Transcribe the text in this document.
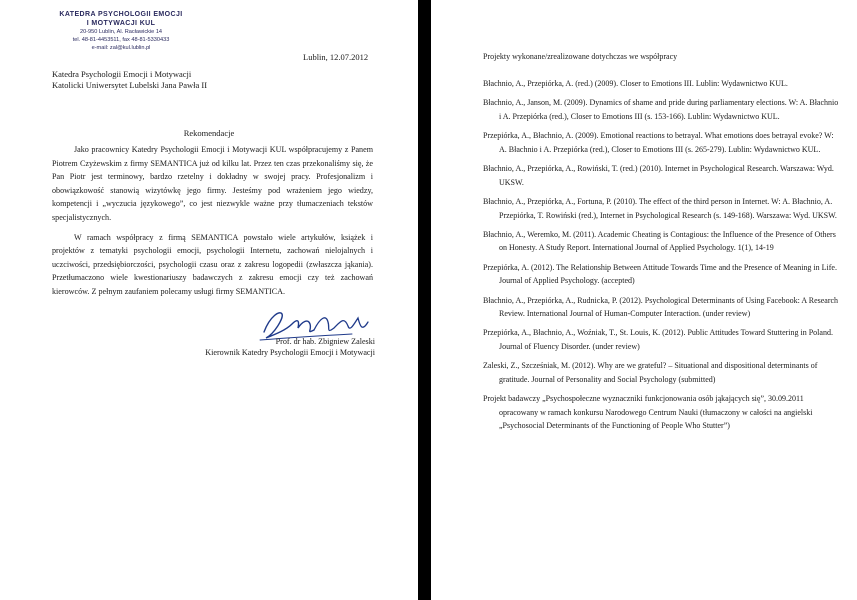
KATEDRA PSYCHOLOGII EMOCJI
I MOTYWACJI KUL
20-950 Lublin, Al. Racławickie 14
tel. 48-81-4453511, fax 48-81-5330433
e-mail: zal@kul.lublin.pl
Lublin, 12.07.2012
Katedra Psychologii Emocji i Motywacji
Katolicki Uniwersytet Lubelski Jana Pawła II
Rekomendacje

Jako pracownicy Katedry Psychologii Emocji i Motywacji KUL współpracujemy z Panem Piotrem Czyżewskim z firmy SEMANTICA już od kilku lat. Przez ten czas przekonaliśmy się, że Pan Piotr jest terminowy, bardzo rzetelny i dokładny w swojej pracy. Profesjonalizm i obowiązkowość stanowią wizytówkę jego firmy. Jesteśmy pod wrażeniem jego wiedzy, kompetencji i „wyczucia językowego”, co jest niezwykle ważne przy tłumaczeniach tekstów specjalistycznych.

W ramach współpracy z firmą SEMANTICA powstało wiele artykułów, książek i projektów z tematyki psychologii emocji, psychologii Internetu, zachowań nielojalnych i uczciwości, przedsiębiorczości, psychologii czasu oraz z zakresu logopedii (zwłaszcza jąkania). Przetłumaczono wiele kwestionariuszy badawczych z zakresu emocji czy też zachowań kierowców. Z pełnym zaufaniem polecamy usługi firmy SEMANTICA.

Prof. dr hab. Zbigniew Zaleski
Kierownik Katedry Psychologii Emocji i Motywacji
Projekty wykonane/zrealizowane dotychczas we współpracy
Błachnio, A., Przepiórka, A. (red.) (2009). Closer to Emotions III. Lublin: Wydawnictwo KUL.
Błachnio, A., Janson, M. (2009). Dynamics of shame and pride during parliamentary elections. W: A. Błachnio i A. Przepiórka (red.), Closer to Emotions III (s. 153-166). Lublin: Wydawnictwo KUL.
Przepiórka, A., Błachnio, A. (2009). Emotional reactions to betrayal. What emotions does betrayal evoke? W: A. Błachnio i A. Przepiórka (red.), Closer to Emotions III (s. 265-279). Lublin: Wydawnictwo KUL.
Błachnio, A., Przepiórka, A., Rowiński, T. (red.) (2010). Internet in Psychological Research. Warszawa: Wyd. UKSW.
Błachnio, A., Przepiórka, A., Fortuna, P. (2010). The effect of the third person in Internet. W: A. Błachnio, A. Przepiórka, T. Rowiński (red.), Internet in Psychological Research (s. 149-168). Warszawa: Wyd. UKSW.
Błachnio, A., Weremko, M. (2011). Academic Cheating is Contagious: the Influence of the Presence of Others on Honesty. A Study Report. International Journal of Applied Psychology. 1(1), 14-19
Przepiórka, A. (2012). The Relationship Between Attitude Towards Time and the Presence of Meaning in Life. Journal of Applied Psychology. (accepted)
Błachnio, A., Przepiórka, A., Rudnicka, P. (2012). Psychological Determinants of Using Facebook: A Research Review. International Journal of Human-Computer Interaction. (under review)
Przepiórka, A., Błachnio, A., Woźniak, T., St. Louis, K. (2012). Public Attitudes Toward Stuttering in Poland. Journal of Fluency Disorder. (under review)
Zaleski, Z., Szcześniak, M. (2012). Why are we grateful? – Situational and dispositional determinants of gratitude. Journal of Personality and Social Psychology (submitted)
Projekt badawczy „Psychospołeczne wyznaczniki funkcjonowania osób jąkających się”, 30.09.2011 opracowany w ramach konkursu Narodowego Centrum Nauki (tłumaczony w całości na angielski „Psychosocial Determinants of the Functioning of People Who Stutter”)
